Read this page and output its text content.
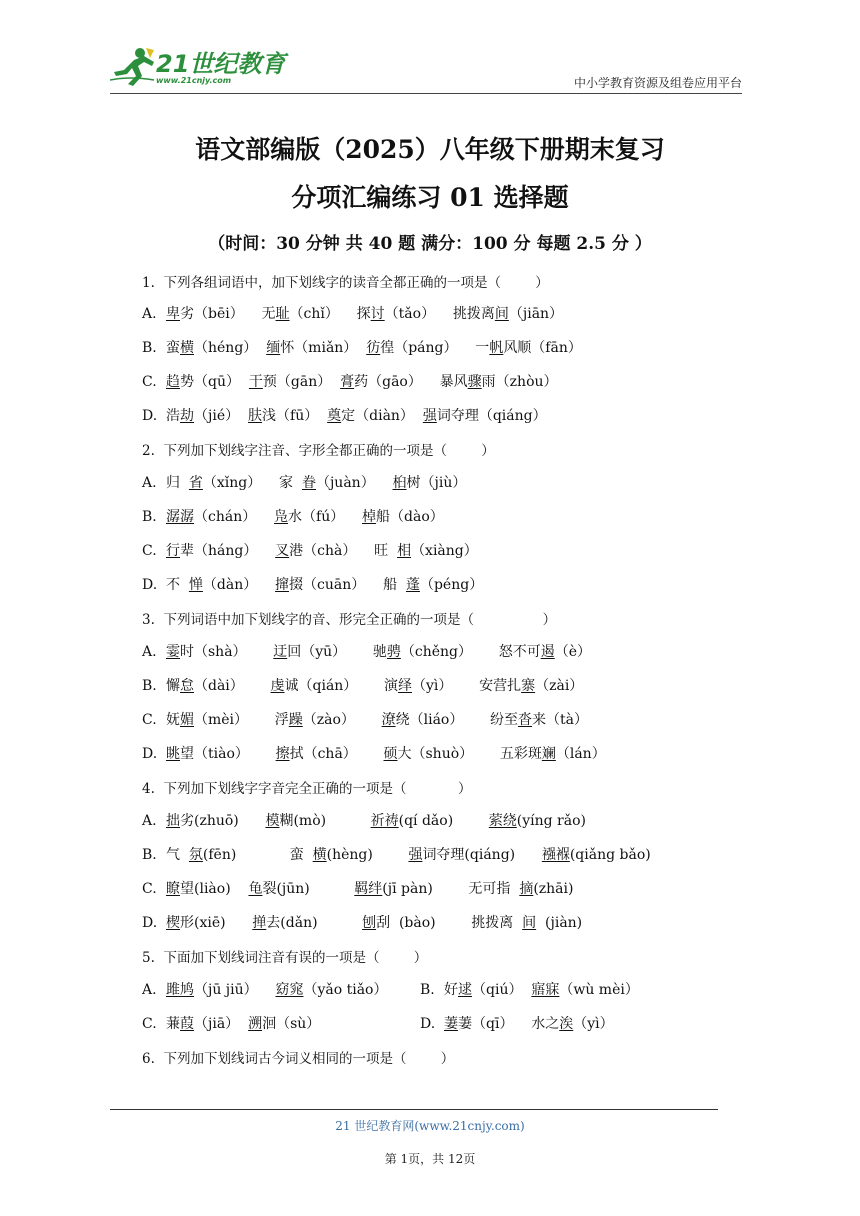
21世纪教育
www.21cnjy.com	中小学教育资源及组卷应用平台
语文部编版（2025）八年级下册期末复习
分项汇编练习 01 选择题
（时间：30 分钟 共 40 题 满分：100 分 每题 2.5 分 ）
1.  下列各组词语中，加下划线字的读音全都正确的一项是（        ）
A. 卑劣（bēi）    无耻（chǐ）    探讨（tǎo）    挑拨离间（jiān）
B. 蛮横（héng）  缅怀（miǎn）  彷徨（páng）    一帆风顺（fān）
C. 趋势（qū）  干预（gān）  膏药（gāo）    暴风骤雨（zhòu）
D. 浩劫（jié）  肤浅（fū）  奠定（diàn）  强词夺理（qiáng）
2.  下列加下划线字注音、字形全都正确的一项是（        ）
A. 归  省（xǐng）    家  眷（juàn）    桕树（jiù）
B. 潺潺（chán）    凫水（fú）    棹船（dào）
C. 行辈（háng）    叉港（chà）    旺  相（xiàng）
D. 不  惮（dàn）    撺掇（cuān）    船  蓬（péng）
3.  下列词语中加下划线字的音、形完全正确的一项是（                ）
A. 霎时（shà）      迂回（yū）      驰骋（chěng）      怒不可遏（è）
B. 懈怠（dài）      虔诚（qián）      演绎（yì）      安营扎寨（zài）
C. 妩媚（mèi）      浮躁（zào）      潦绕（liáo）      纷至沓来（tà）
D. 眺望（tiào）      擦拭（chā）      硕大（shuò）      五彩斑斓（lán）
4.  下列加下划线字字音完全正确的一项是（            ）
A. 拙劣(zhuō)      模糊(mò)          祈祷(qí dǎo)        萦绕(yíng rǎo)
B. 气  氛(fēn)            蛮  横(hèng)        强词夺理(qiáng)      襁褓(qiǎng bǎo)
C. 瞭望(liào)    龟裂(jūn)          羁绊(jī pàn)        无可指  摘(zhāi)
D. 楔形(xiē)      掸去(dǎn)          刨刮  (bào)        挑拨离  间  (jiàn)
5.  下面加下划线词注音有误的一项是（        ）
A. 雎鸠（jū jiū）    窈窕（yǎo tiǎo） B. 好逑（qiú）  寤寐（wù mèi）
C. 蒹葭（jiā）  溯洄（sù）	D. 萋萋（qī）    水之涘（yì）
6.  下列加下划线词古今词义相同的一项是（        ）
21 世纪教育网(www.21cnjy.com)
第 1页，共 12页
